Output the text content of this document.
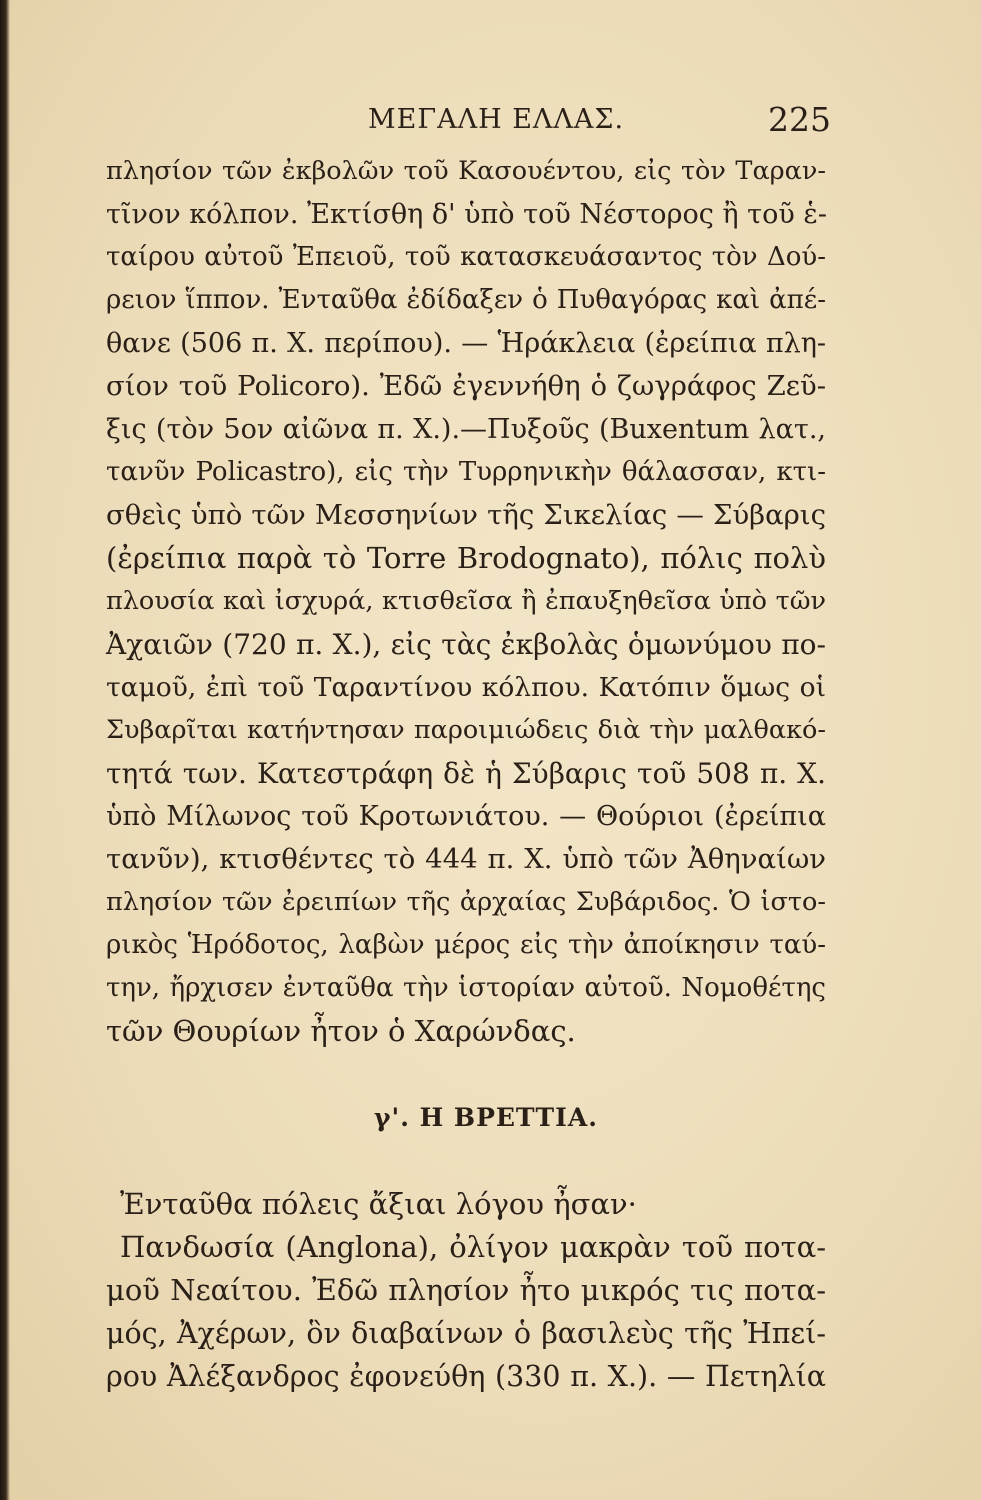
ΜΕΓΑΛΗ ΕΛΛΑΣ.	225
πλησίον τῶν ἐκβολῶν τοῦ Κασουέντου, εἰς τὸν Ταραν-
τῖνον κόλπον. Ἐκτίσθη δ' ὑπὸ τοῦ Νέστορος ἢ τοῦ ἑ-
ταίρου αὐτοῦ Ἐπειοῦ, τοῦ κατασκευάσαντος τὸν Δού-
ρειον ἵππον. Ἐνταῦθα ἐδίδαξεν ὁ Πυθαγόρας καὶ ἀπέ-
θανε (506 π. Χ. περίπου). — Ἡράκλεια (ἐρείπια πλη-
σίον τοῦ Policoro). Ἐδῶ ἐγεννήθη ὁ ζωγράφος Ζεῦ-
ξις (τὸν 5ον αἰῶνα π. Χ.).—Πυξοῦς (Buxentum λατ.,
τανῦν Policastro), εἰς τὴν Τυρρηνικὴν θάλασσαν, κτι-
σθεὶς ὑπὸ τῶν Μεσσηνίων τῆς Σικελίας — Σύβαρις
(ἐρείπια παρὰ τὸ Torre Brodognato), πόλις πολὺ
πλουσία καὶ ἰσχυρά, κτισθεῖσα ἢ ἐπαυξηθεῖσα ὑπὸ τῶν
Ἀχαιῶν (720 π. Χ.), εἰς τὰς ἐκβολὰς ὁμωνύμου πο-
ταμοῦ, ἐπὶ τοῦ Ταραντίνου κόλπου. Κατόπιν ὅμως οἱ
Συβαρῖται κατήντησαν παροιμιώδεις διὰ τὴν μαλθακό-
τητά των. Κατεστράφη δὲ ἡ Σύβαρις τοῦ 508 π. Χ.
ὑπὸ Μίλωνος τοῦ Κροτωνιάτου. — Θούριοι (ἐρείπια
τανῦν), κτισθέντες τὸ 444 π. Χ. ὑπὸ τῶν Ἀθηναίων
πλησίον τῶν ἐρειπίων τῆς ἀρχαίας Συβάριδος. Ὁ ἱστο-
ρικὸς Ἡρόδοτος, λαβὼν μέρος εἰς τὴν ἀποίκησιν ταύ-
την, ἤρχισεν ἐνταῦθα τὴν ἱστορίαν αὐτοῦ. Νομοθέτης
τῶν Θουρίων ἦτον ὁ Χαρώνδας.
γ'. Η ΒΡΕΤΤΙΑ.
Ἐνταῦθα πόλεις ἄξιαι λόγου ἦσαν·
Πανδωσία (Anglona), ὀλίγον μακρὰν τοῦ ποτα-
μοῦ Νεαίτου. Ἐδῶ πλησίον ἦτο μικρός τις ποτα-
μός, Ἀχέρων, ὃν διαβαίνων ὁ βασιλεὺς τῆς Ἠπεί-
ρου Ἀλέξανδρος ἐφονεύθη (330 π. Χ.). — Πετηλία
